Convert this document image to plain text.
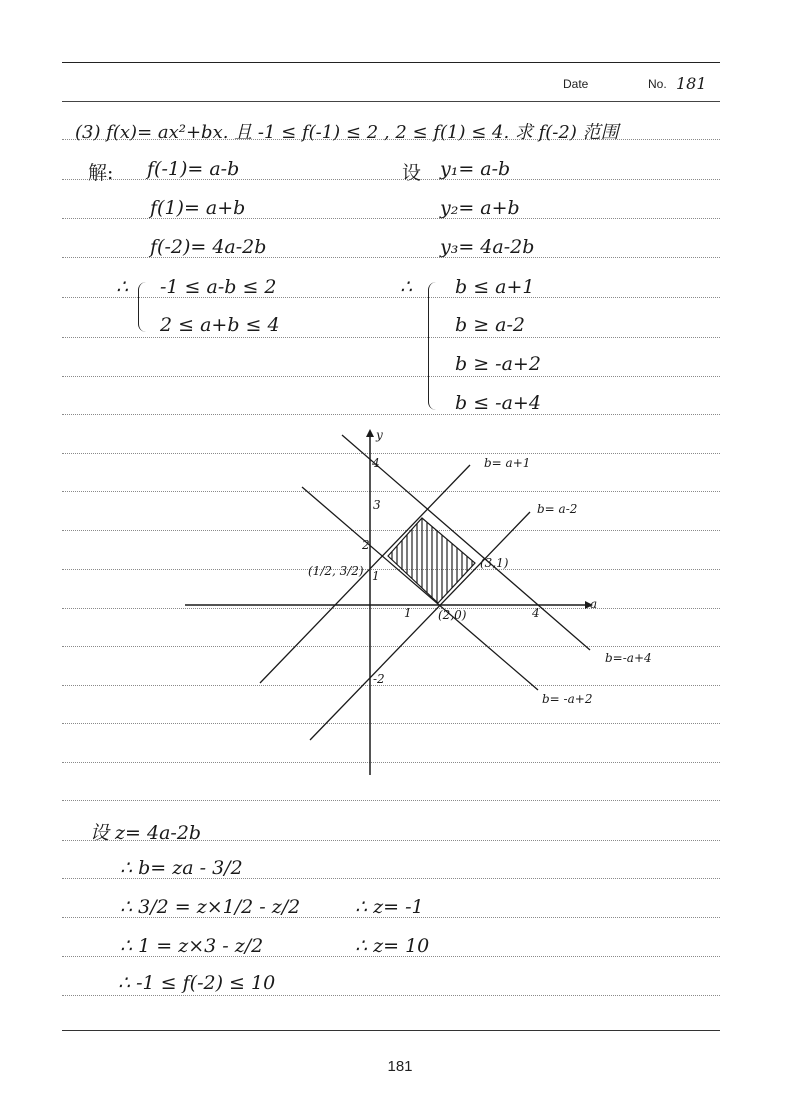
Date	No. 181
(3) f(x)= ax²+bx. 且 -1 ≤ f(-1) ≤ 2 , 2 ≤ f(1) ≤ 4. 求 f(-2) 范围
解: f(-1)= a-b
f(1)= a+b
f(-2)= 4a-2b
∴ -1 ≤ a-b ≤ 2
2 ≤ a+b ≤ 4
设 y₁= a-b
y₂= a+b
y₃= 4a-2b
∴ b ≤ a+1
b ≥ a-2
b ≥ -a+2
b ≤ -a+4
a
y
b= a+1
b= a-2
b=-a+4
b= -a+2
4
3
2
1
1	4
-2
(1/2, 3/2)
(3,1)
(2,0)
设 z= 4a-2b
∴ b= za - 3/2
∴ 3/2 = z×1/2 - z/2	∴ z= -1
∴ 1 = z×3 - z/2	∴ z= 10
∴ -1 ≤ f(-2) ≤ 10
181
